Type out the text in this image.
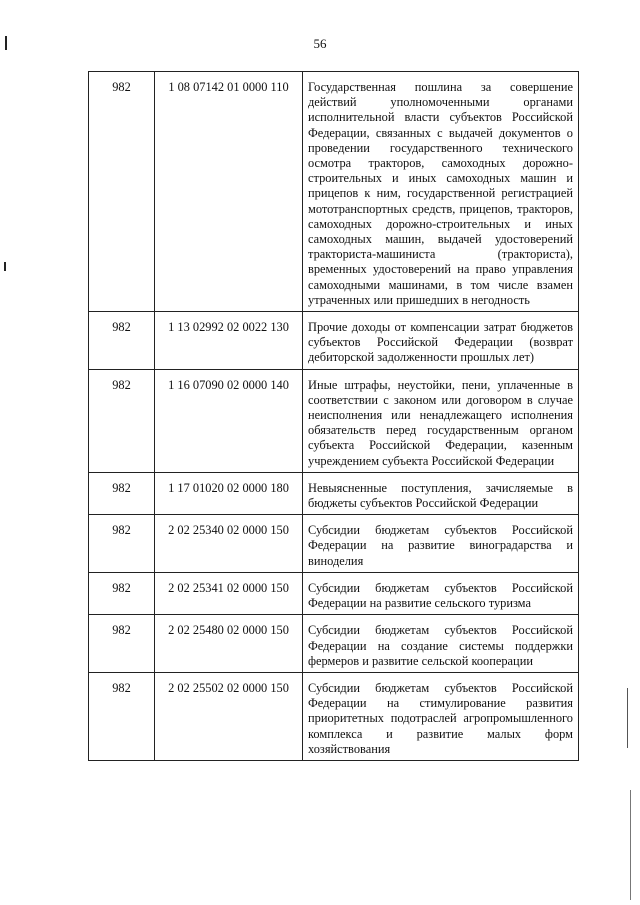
56
982	1 08 07142 01 0000 110	Государственная пошлина за совершение действий уполномоченными органами исполнительной власти субъектов Российской Федерации, связанных с выдачей документов о проведении государственного технического осмотра тракторов, самоходных дорожно-строительных и иных самоходных машин и прицепов к ним, государственной регистрацией мототранспортных средств, прицепов, тракторов, самоходных дорожно-строительных и иных самоходных машин, выдачей удостоверений тракториста-машиниста (тракториста), временных удостоверений на право управления самоходными машинами, в том числе взамен утраченных или пришедших в негодность
982	1 13 02992 02 0022 130	Прочие доходы от компенсации затрат бюджетов субъектов Российской Федерации (возврат дебиторской задолженности прошлых лет)
982	1 16 07090 02 0000 140	Иные штрафы, неустойки, пени, уплаченные в соответствии с законом или договором в случае неисполнения или ненадлежащего исполнения обязательств перед государственным органом субъекта Российской Федерации, казенным учреждением субъекта Российской Федерации
982	1 17 01020 02 0000 180	Невыясненные поступления, зачисляемые в бюджеты субъектов Российской Федерации
982	2 02 25340 02 0000 150	Субсидии бюджетам субъектов Российской Федерации на развитие виноградарства и виноделия
982	2 02 25341 02 0000 150	Субсидии бюджетам субъектов Российской Федерации на развитие сельского туризма
982	2 02 25480 02 0000 150	Субсидии бюджетам субъектов Российской Федерации на создание системы поддержки фермеров и развитие сельской кооперации
982	2 02 25502 02 0000 150	Субсидии бюджетам субъектов Российской Федерации на стимулирование развития приоритетных подотраслей агропромышленного комплекса и развитие малых форм хозяйствования
